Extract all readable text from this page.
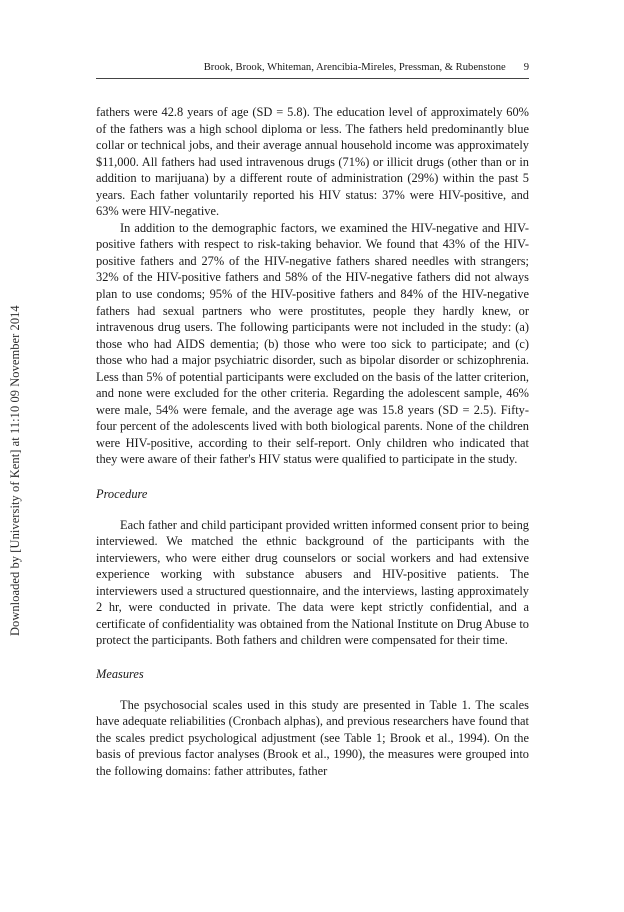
Downloaded by [University of Kent] at 11:10 09 November 2014
Brook, Brook, Whiteman, Arencibia-Mireles, Pressman, & Rubenstone 9

fathers were 42.8 years of age (SD = 5.8). The education level of approximately 60% of the fathers was a high school diploma or less. The fathers held predominantly blue collar or technical jobs, and their average annual household income was approximately $11,000. All fathers had used intravenous drugs (71%) or illicit drugs (other than or in addition to marijuana) by a different route of administration (29%) within the past 5 years. Each father voluntarily reported his HIV status: 37% were HIV-positive, and 63% were HIV-negative.

In addition to the demographic factors, we examined the HIV-negative and HIV-positive fathers with respect to risk-taking behavior. We found that 43% of the HIV-positive fathers and 27% of the HIV-negative fathers shared needles with strangers; 32% of the HIV-positive fathers and 58% of the HIV-negative fathers did not always plan to use condoms; 95% of the HIV-positive fathers and 84% of the HIV-negative fathers had sexual partners who were prostitutes, people they hardly knew, or intravenous drug users. The following participants were not included in the study: (a) those who had AIDS dementia; (b) those who were too sick to participate; and (c) those who had a major psychiatric disorder, such as bipolar disorder or schizophrenia. Less than 5% of potential participants were excluded on the basis of the latter criterion, and none were excluded for the other criteria. Regarding the adolescent sample, 46% were male, 54% were female, and the average age was 15.8 years (SD = 2.5). Fifty-four percent of the adolescents lived with both biological parents. None of the children were HIV-positive, according to their self-report. Only children who indicated that they were aware of their father's HIV status were qualified to participate in the study.

Procedure

Each father and child participant provided written informed consent prior to being interviewed. We matched the ethnic background of the participants with the interviewers, who were either drug counselors or social workers and had extensive experience working with substance abusers and HIV-positive patients. The interviewers used a structured questionnaire, and the interviews, lasting approximately 2 hr, were conducted in private. The data were kept strictly confidential, and a certificate of confidentiality was obtained from the National Institute on Drug Abuse to protect the participants. Both fathers and children were compensated for their time.

Measures

The psychosocial scales used in this study are presented in Table 1. The scales have adequate reliabilities (Cronbach alphas), and previous researchers have found that the scales predict psychological adjustment (see Table 1; Brook et al., 1994). On the basis of previous factor analyses (Brook et al., 1990), the measures were grouped into the following domains: father attributes, father
